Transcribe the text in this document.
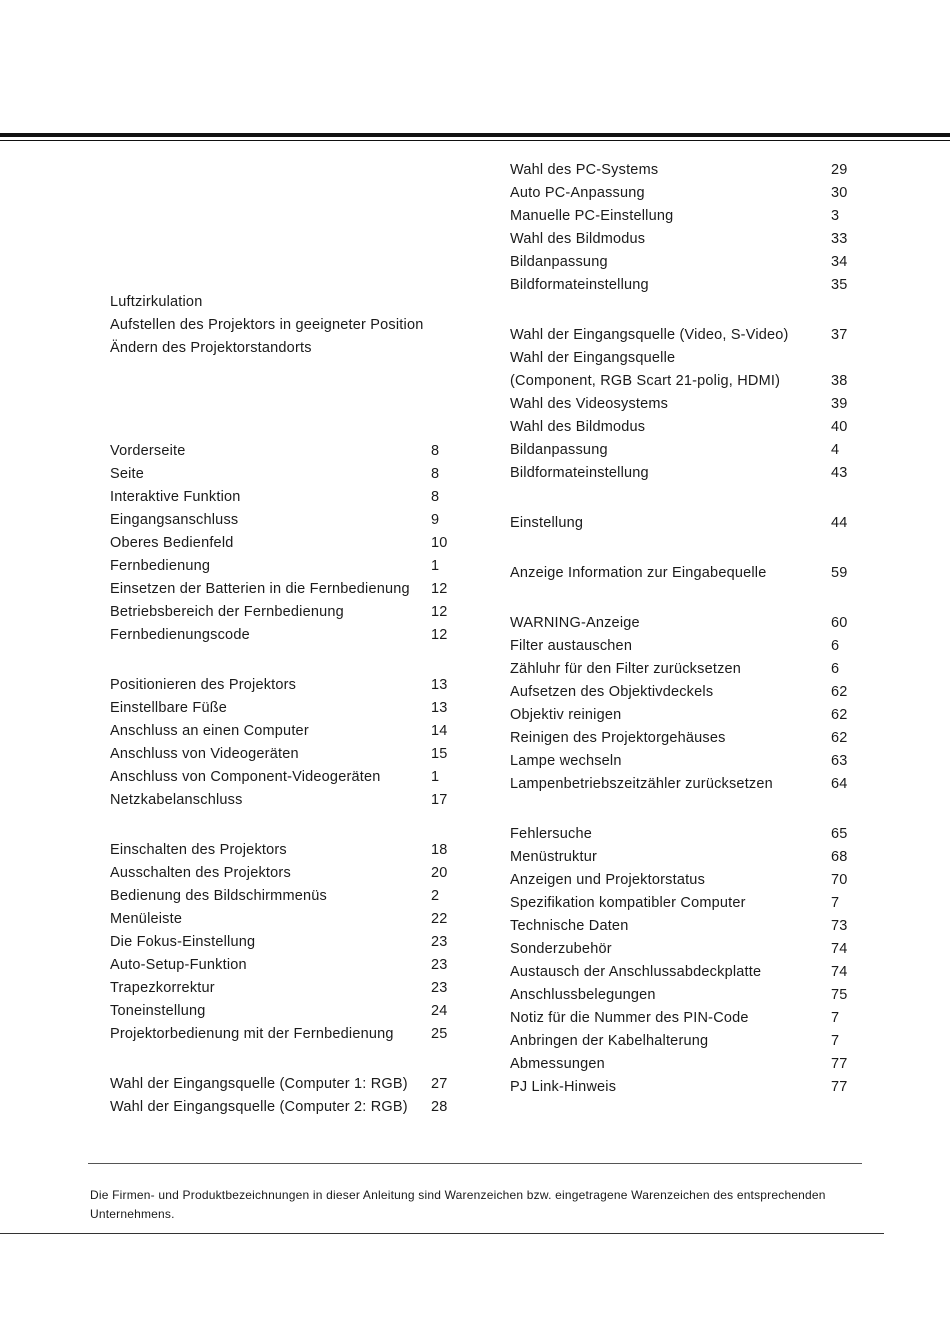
Luftzirkulation
Aufstellen des Projektors in geeigneter Position
Ändern des Projektorstandorts
Vorderseite	8
Seite	8
Interaktive Funktion	8
Eingangsanschluss	9
Oberes Bedienfeld	10
Fernbedienung	1
Einsetzen der Batterien in die Fernbedienung	12
Betriebsbereich der Fernbedienung	12
Fernbedienungscode	12
Positionieren des Projektors	13
Einstellbare Füße	13
Anschluss an einen Computer	14
Anschluss von Videogeräten	15
Anschluss von Component-Videogeräten	1
Netzkabelanschluss	17
Einschalten des Projektors	18
Ausschalten des Projektors	20
Bedienung des Bildschirmmenüs	2
Menüleiste	22
Die Fokus-Einstellung	23
Auto-Setup-Funktion	23
Trapezkorrektur	23
Toneinstellung	24
Projektorbedienung mit der Fernbedienung	25
Wahl der Eingangsquelle (Computer 1: RGB)	27
Wahl der Eingangsquelle (Computer 2: RGB)	28
Wahl des PC-Systems	29
Auto PC-Anpassung	30
Manuelle PC-Einstellung	3
Wahl des Bildmodus	33
Bildanpassung	34
Bildformateinstellung	35
Wahl der Eingangsquelle (Video, S-Video)	37
Wahl der Eingangsquelle
(Component, RGB Scart 21-polig, HDMI)	38
Wahl des Videosystems	39
Wahl des Bildmodus	40
Bildanpassung	4
Bildformateinstellung	43
Einstellung	44
Anzeige Information zur Eingabequelle	59
WARNING-Anzeige	60
Filter austauschen	6
Zähluhr für den Filter zurücksetzen	6
Aufsetzen des Objektivdeckels	62
Objektiv reinigen	62
Reinigen des Projektorgehäuses	62
Lampe wechseln	63
Lampenbetriebszeitzähler zurücksetzen	64
Fehlersuche	65
Menüstruktur	68
Anzeigen und Projektorstatus	70
Spezifikation kompatibler Computer	7
Technische Daten	73
Sonderzubehör	74
Austausch der Anschlussabdeckplatte	74
Anschlussbelegungen	75
Notiz für die Nummer des PIN-Code	7
Anbringen der Kabelhalterung	7
Abmessungen	77
PJ Link-Hinweis	77
Die Firmen- und Produktbezeichnungen in dieser Anleitung sind Warenzeichen bzw. eingetragene Warenzeichen des entsprechenden Unternehmens.
